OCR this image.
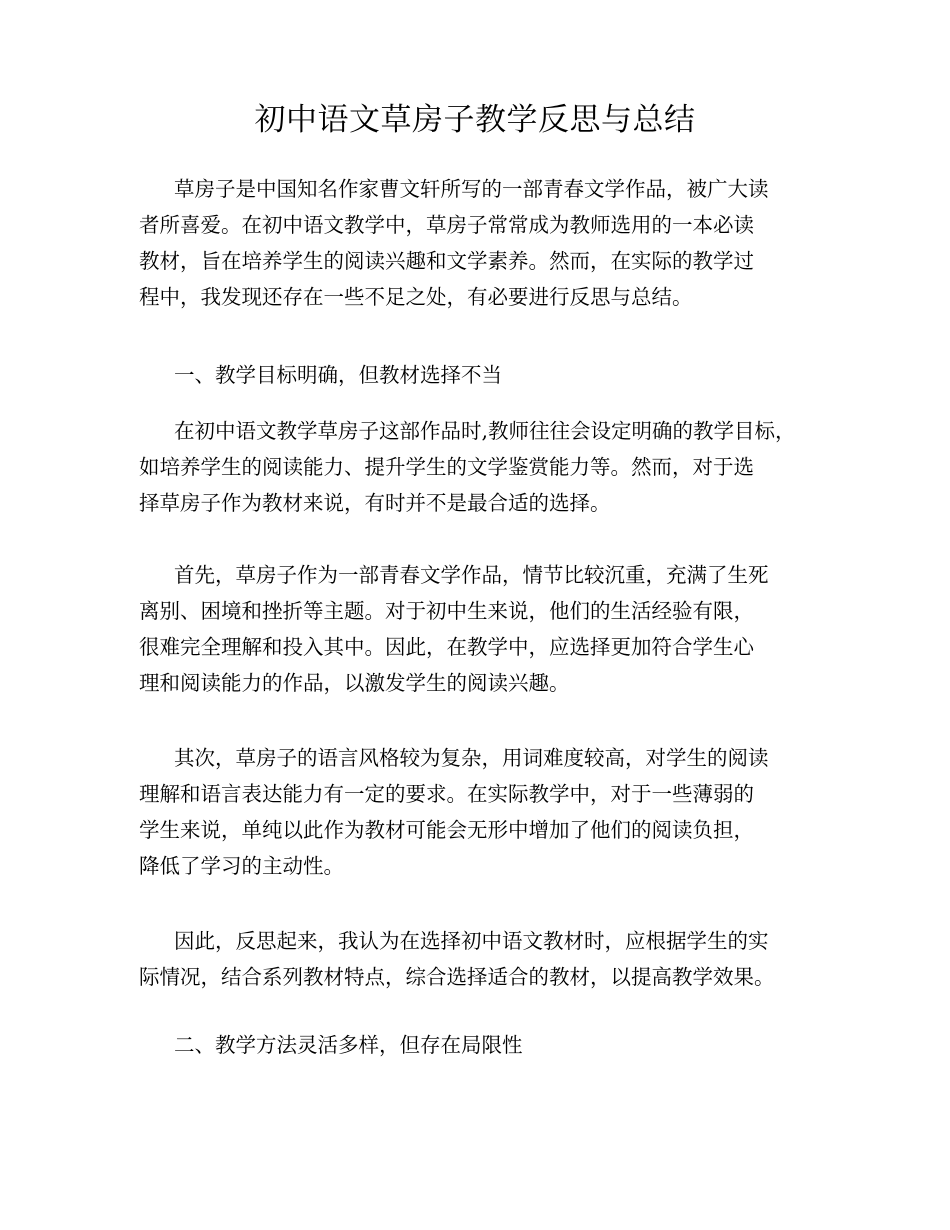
初中语文草房子教学反思与总结
草房子是中国知名作家曹文轩所写的一部青春文学作品，被广大读
者所喜爱。在初中语文教学中，草房子常常成为教师选用的一本必读
教材，旨在培养学生的阅读兴趣和文学素养。然而，在实际的教学过
程中，我发现还存在一些不足之处，有必要进行反思与总结。
一、教学目标明确，但教材选择不当
在初中语文教学草房子这部作品时,教师往往会设定明确的教学目标，
如培养学生的阅读能力、提升学生的文学鉴赏能力等。然而，对于选
择草房子作为教材来说，有时并不是最合适的选择。
首先，草房子作为一部青春文学作品，情节比较沉重，充满了生死
离别、困境和挫折等主题。对于初中生来说，他们的生活经验有限，
很难完全理解和投入其中。因此，在教学中，应选择更加符合学生心
理和阅读能力的作品，以激发学生的阅读兴趣。
其次，草房子的语言风格较为复杂，用词难度较高，对学生的阅读
理解和语言表达能力有一定的要求。在实际教学中，对于一些薄弱的
学生来说，单纯以此作为教材可能会无形中增加了他们的阅读负担，
降低了学习的主动性。
因此，反思起来，我认为在选择初中语文教材时，应根据学生的实
际情况，结合系列教材特点，综合选择适合的教材，以提高教学效果。
二、教学方法灵活多样，但存在局限性
